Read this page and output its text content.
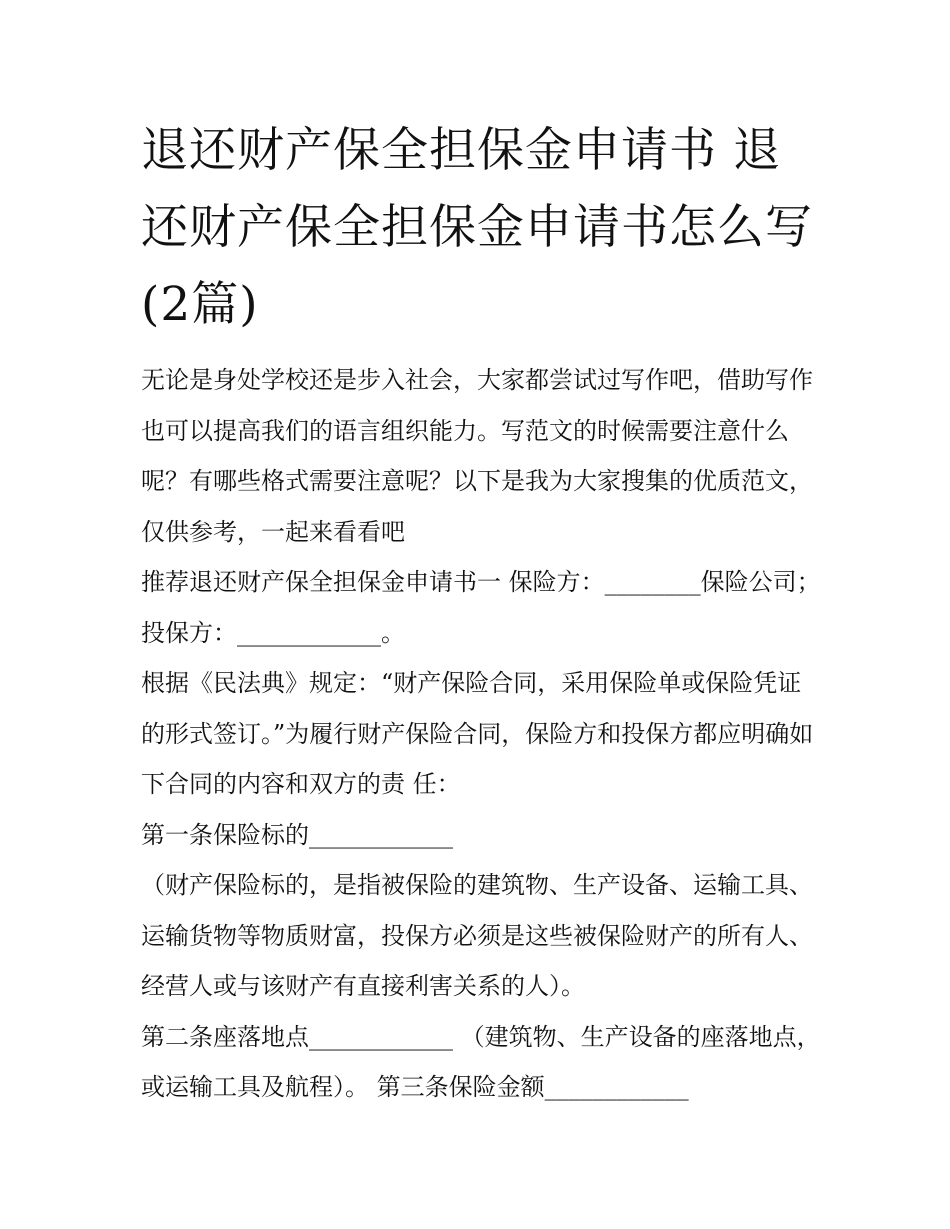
退还财产保全担保金申请书 退还财产保全担保金申请书怎么写(2篇)

无论是身处学校还是步入社会，大家都尝试过写作吧，借助写作也可以提高我们的语言组织能力。写范文的时候需要注意什么呢？有哪些格式需要注意呢？以下是我为大家搜集的优质范文，仅供参考，一起来看看吧

推荐退还财产保全担保金申请书一 保险方：________保险公司； 投保方：____________。

根据《民法典》规定：“财产保险合同，采用保险单或保险凭证的形式签订。”为履行财产保险合同，保险方和投保方都应明确如下合同的内容和双方的责 任：

第一条保险标的____________

（财产保险标的，是指被保险的建筑物、生产设备、运输工具、运输货物等物质财富，投保方必须是这些被保险财产的所有人、经营人或与该财产有直接利害关系的人）。

第二条座落地点____________ （建筑物、生产设备的座落地点，或运输工具及航程）。 第三条保险金额____________
